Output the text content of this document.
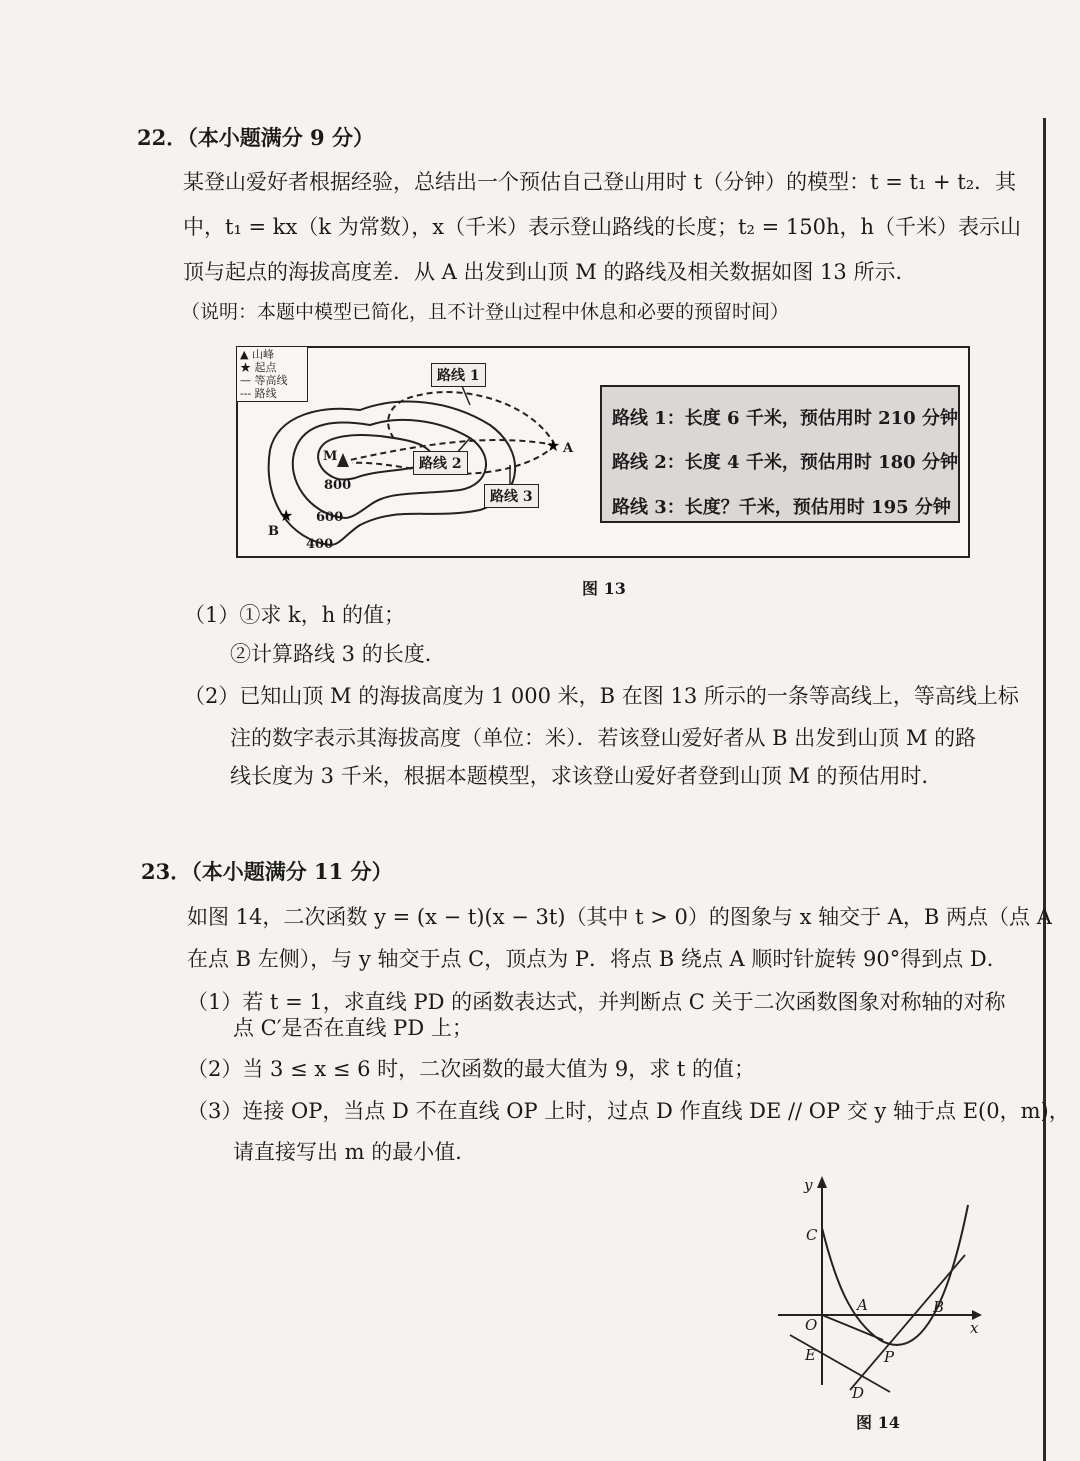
22．（本小题满分 9 分）
某登山爱好者根据经验，总结出一个预估自己登山用时 t（分钟）的模型：t = t₁ + t₂．其
中，t₁ = kx（k 为常数），x（千米）表示登山路线的长度；t₂ = 150h，h（千米）表示山
顶与起点的海拔高度差．从 A 出发到山顶 M 的路线及相关数据如图 13 所示．
（说明：本题中模型已简化，且不计登山过程中休息和必要的预留时间）
★
★
M
A
B
800
600
400
▲ 山峰
★ 起点
— 等高线
--- 路线
路线 1
路线 2
路线 3
路线 1：长度 6 千米，预估用时 210 分钟
路线 2：长度 4 千米，预估用时 180 分钟
路线 3：长度？千米，预估用时 195 分钟
图 13
（1）①求 k，h 的值；
②计算路线 3 的长度．
（2）已知山顶 M 的海拔高度为 1 000 米，B 在图 13 所示的一条等高线上，等高线上标
注的数字表示其海拔高度（单位：米）．若该登山爱好者从 B 出发到山顶 M 的路
线长度为 3 千米，根据本题模型，求该登山爱好者登到山顶 M 的预估用时．
23．（本小题满分 11 分）
如图 14，二次函数 y = (x − t)(x − 3t)（其中 t > 0）的图象与 x 轴交于 A，B 两点（点 A
在点 B 左侧），与 y 轴交于点 C，顶点为 P．将点 B 绕点 A 顺时针旋转 90°得到点 D．
（1）若 t = 1，求直线 PD 的函数表达式，并判断点 C 关于二次函数图象对称轴的对称
点 C′是否在直线 PD 上；
（2）当 3 ≤ x ≤ 6 时，二次函数的最大值为 9，求 t 的值；
（3）连接 OP，当点 D 不在直线 OP 上时，过点 D 作直线 DE // OP 交 y 轴于点 E(0，m)，
请直接写出 m 的最小值．
y
x
C
A	B
O
P
E
D
图 14
